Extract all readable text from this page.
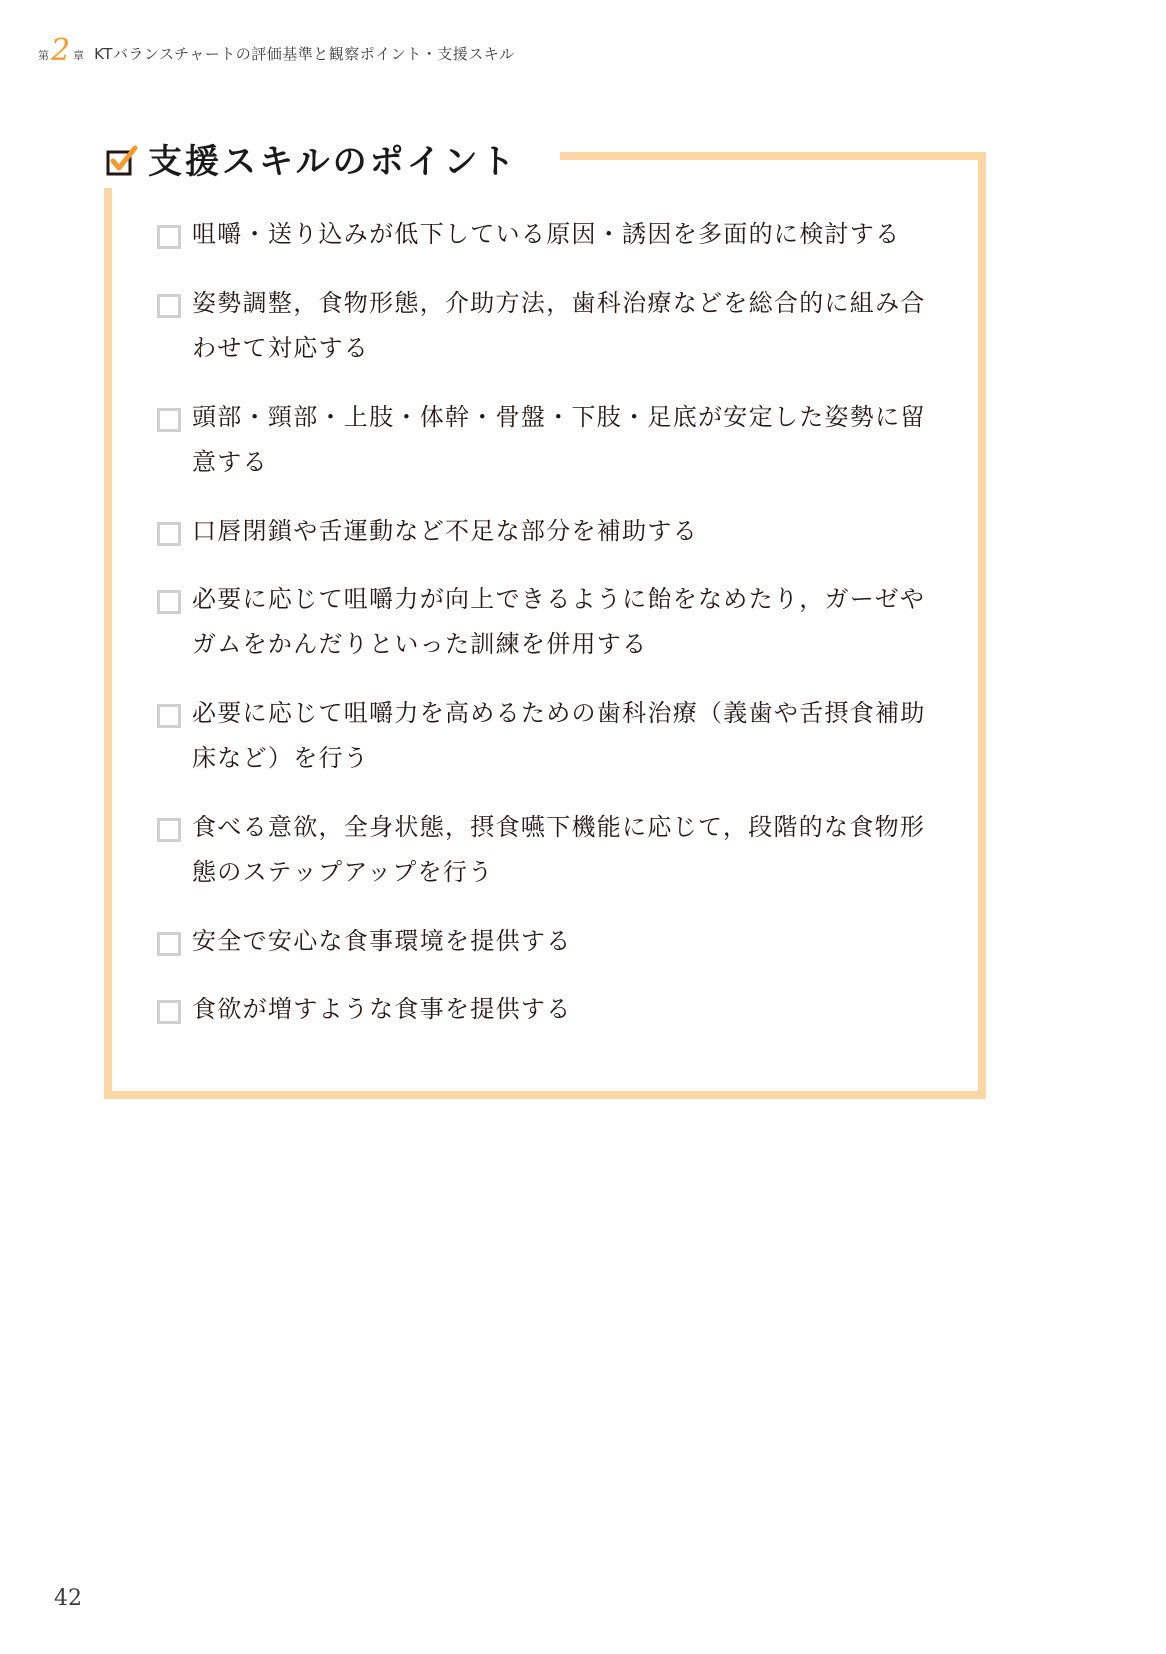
第 2 章 KTバランスチャートの評価基準と観察ポイント・支援スキル
支援スキルのポイント
咀嚼・送り込みが低下している原因・誘因を多面的に検討する
姿勢調整，食物形態，介助方法，歯科治療などを総合的に組み合わせて対応する
頭部・頸部・上肢・体幹・骨盤・下肢・足底が安定した姿勢に留意する
口唇閉鎖や舌運動など不足な部分を補助する
必要に応じて咀嚼力が向上できるように飴をなめたり，ガーゼやガムをかんだりといった訓練を併用する
必要に応じて咀嚼力を高めるための歯科治療（義歯や舌摂食補助床など）を行う
食べる意欲，全身状態，摂食嚥下機能に応じて，段階的な食物形態のステップアップを行う
安全で安心な食事環境を提供する
食欲が増すような食事を提供する
42
